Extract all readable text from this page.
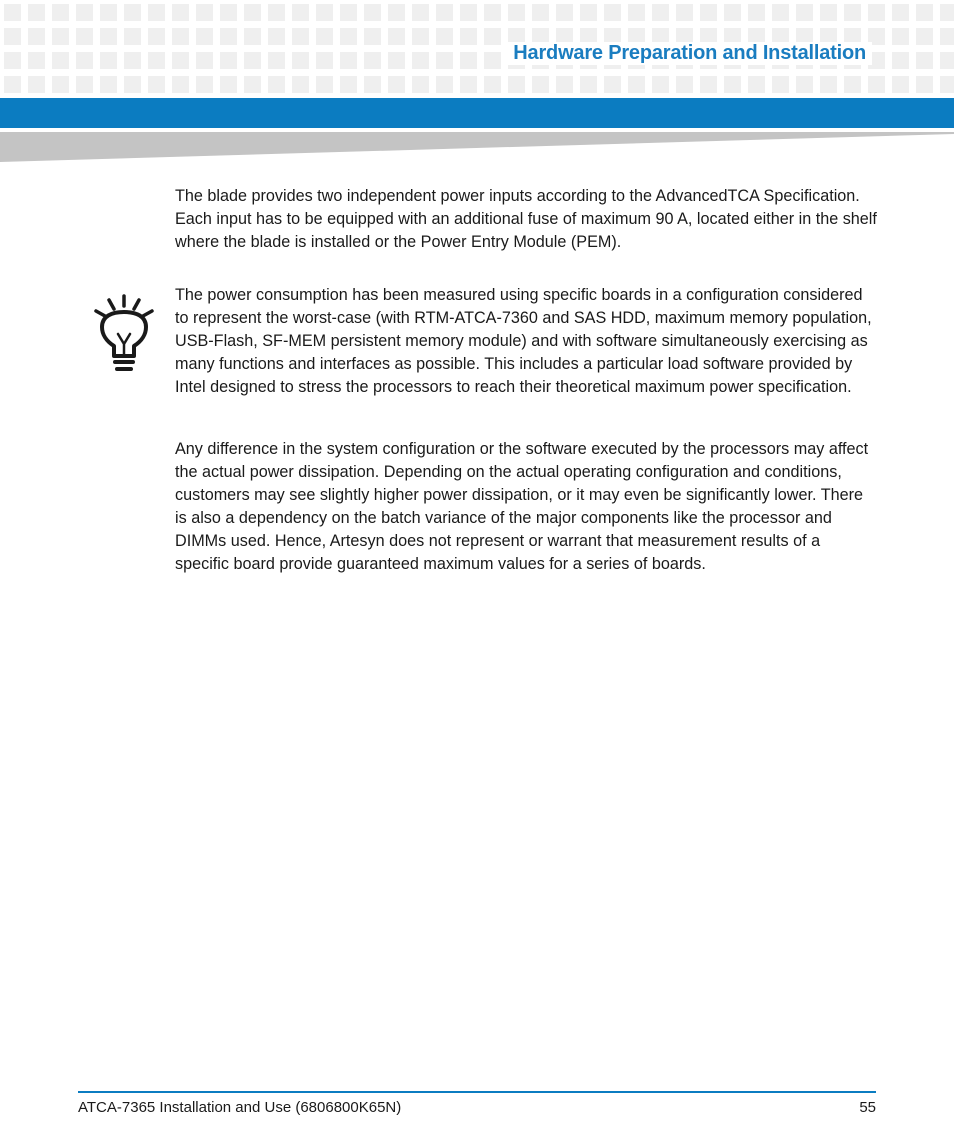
Hardware Preparation and Installation

The blade provides two independent power inputs according to the AdvancedTCA Specification. Each input has to be equipped with an additional fuse of maximum 90 A, located either in the shelf where the blade is installed or the Power Entry Module (PEM).

The power consumption has been measured using specific boards in a configuration considered to represent the worst-case (with RTM-ATCA-7360 and SAS HDD, maximum memory population, USB-Flash, SF-MEM persistent memory module) and with software simultaneously exercising as many functions and interfaces as possible. This includes a particular load software provided by Intel designed to stress the processors to reach their theoretical maximum power specification.

Any difference in the system configuration or the software executed by the processors may affect the actual power dissipation. Depending on the actual operating configuration and conditions, customers may see slightly higher power dissipation, or it may even be significantly lower. There is also a dependency on the batch variance of the major components like the processor and DIMMs used. Hence, Artesyn does not represent or warrant that measurement results of a specific board provide guaranteed maximum values for a series of boards.

ATCA-7365 Installation and Use (6806800K65N)	55
